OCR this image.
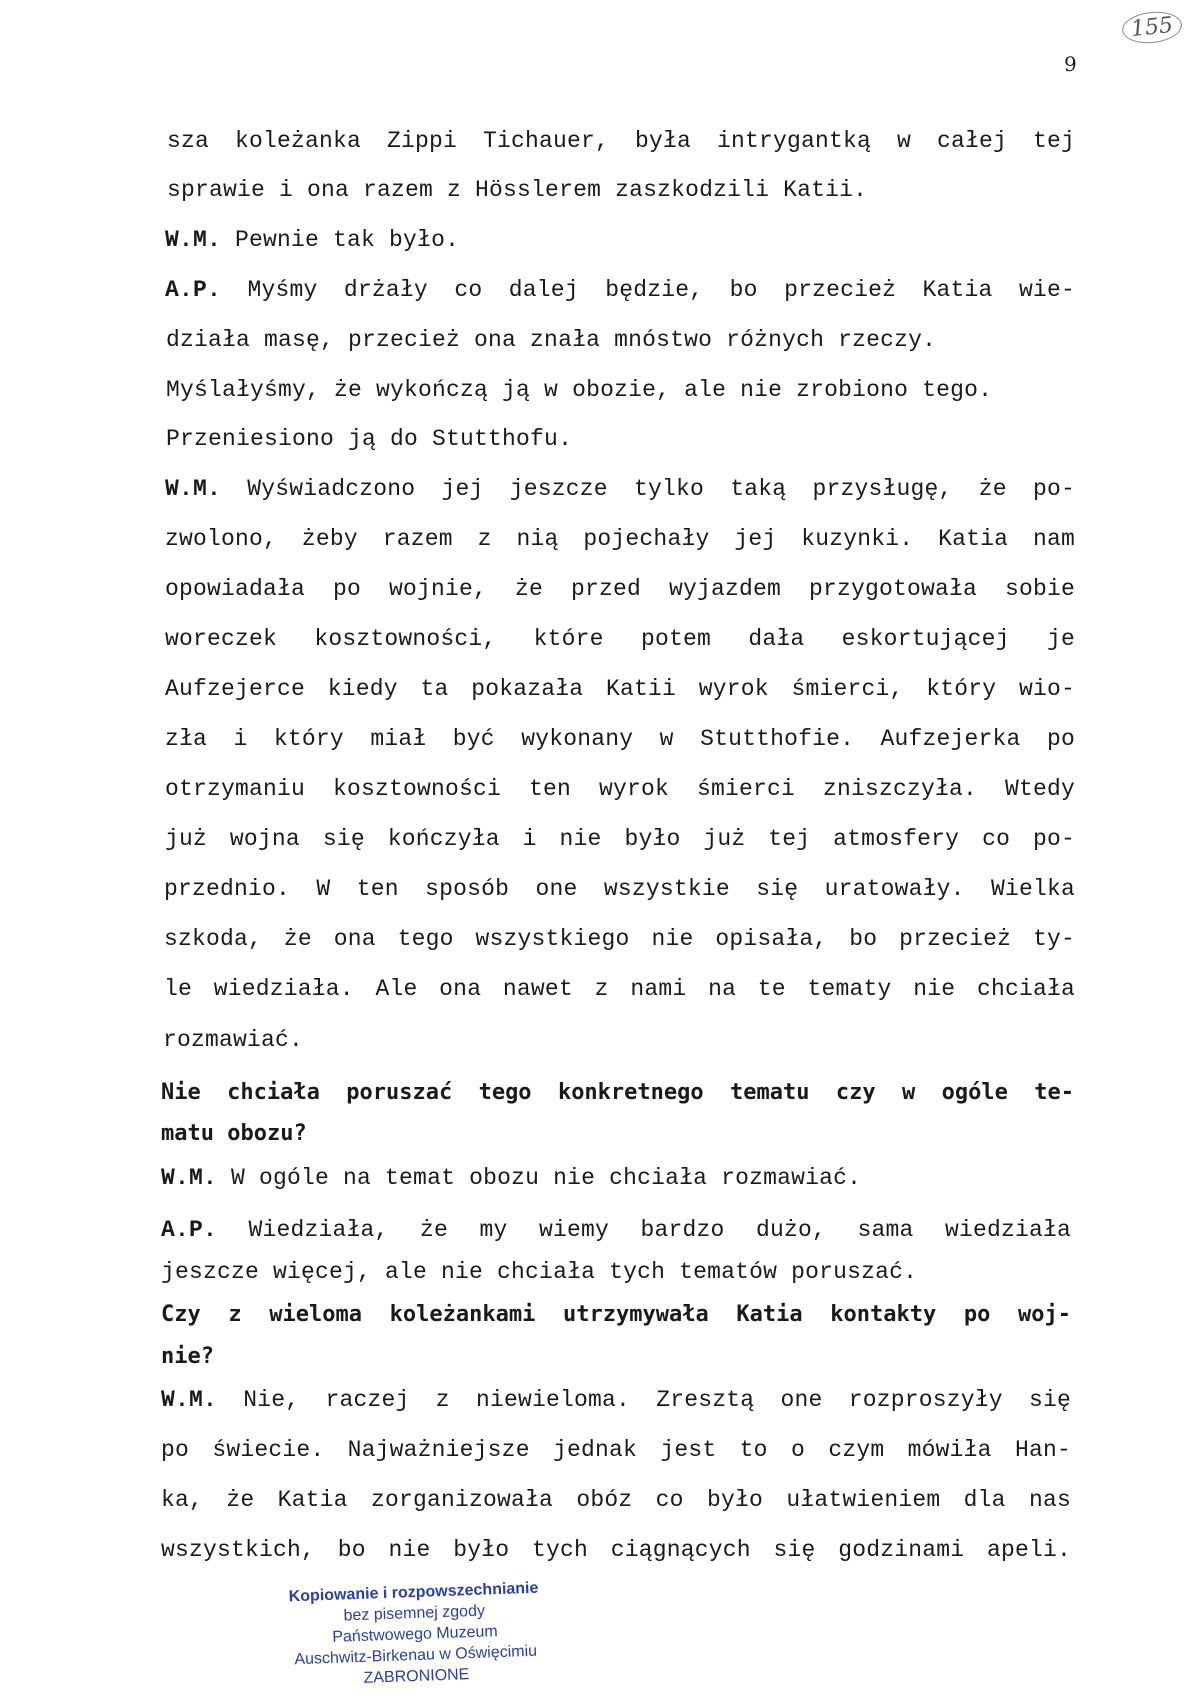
155
9
sza koleżanka Zippi Tichauer, była intrygantką w całej tej
sprawie i ona razem z Hösslerem zaszkodzili Katii.
W.M. Pewnie tak było.
A.P. Myśmy drżały co dalej będzie, bo przecież Katia wie-
działa masę, przecież ona znała mnóstwo różnych rzeczy.
Myślałyśmy, że wykończą ją w obozie, ale nie zrobiono tego.
Przeniesiono ją do Stutthofu.
W.M. Wyświadczono jej jeszcze tylko taką przysługę, że po-
zwolono, żeby razem z nią pojechały jej kuzynki. Katia nam
opowiadała po wojnie, że przed wyjazdem przygotowała sobie
woreczek kosztowności, które potem dała eskortującej je
Aufzejerce kiedy ta pokazała Katii wyrok śmierci, który wio-
zła i który miał być wykonany w Stutthofie. Aufzejerka po
otrzymaniu kosztowności ten wyrok śmierci zniszczyła. Wtedy
już wojna się kończyła i nie było już tej atmosfery co po-
przednio. W ten sposób one wszystkie się uratowały. Wielka
szkoda, że ona tego wszystkiego nie opisała, bo przecież ty-
le wiedziała. Ale ona nawet z nami na te tematy nie chciała
rozmawiać.
Nie chciała poruszać tego konkretnego tematu czy w ogóle te-
matu obozu?
W.M. W ogóle na temat obozu nie chciała rozmawiać.
A.P. Wiedziała, że my wiemy bardzo dużo, sama wiedziała
jeszcze więcej, ale nie chciała tych tematów poruszać.
Czy z wieloma koleżankami utrzymywała Katia kontakty po woj-
nie?
W.M. Nie, raczej z niewieloma. Zresztą one rozproszyły się
po świecie. Najważniejsze jednak jest to o czym mówiła Han-
ka, że Katia zorganizowała obóz co było ułatwieniem dla nas
wszystkich, bo nie było tych ciągnących się godzinami apeli.
Kopiowanie i rozpowszechnianie
bez pisemnej zgody
Państwowego Muzeum
Auschwitz-Birkenau w Oświęcimiu
ZABRONIONE
